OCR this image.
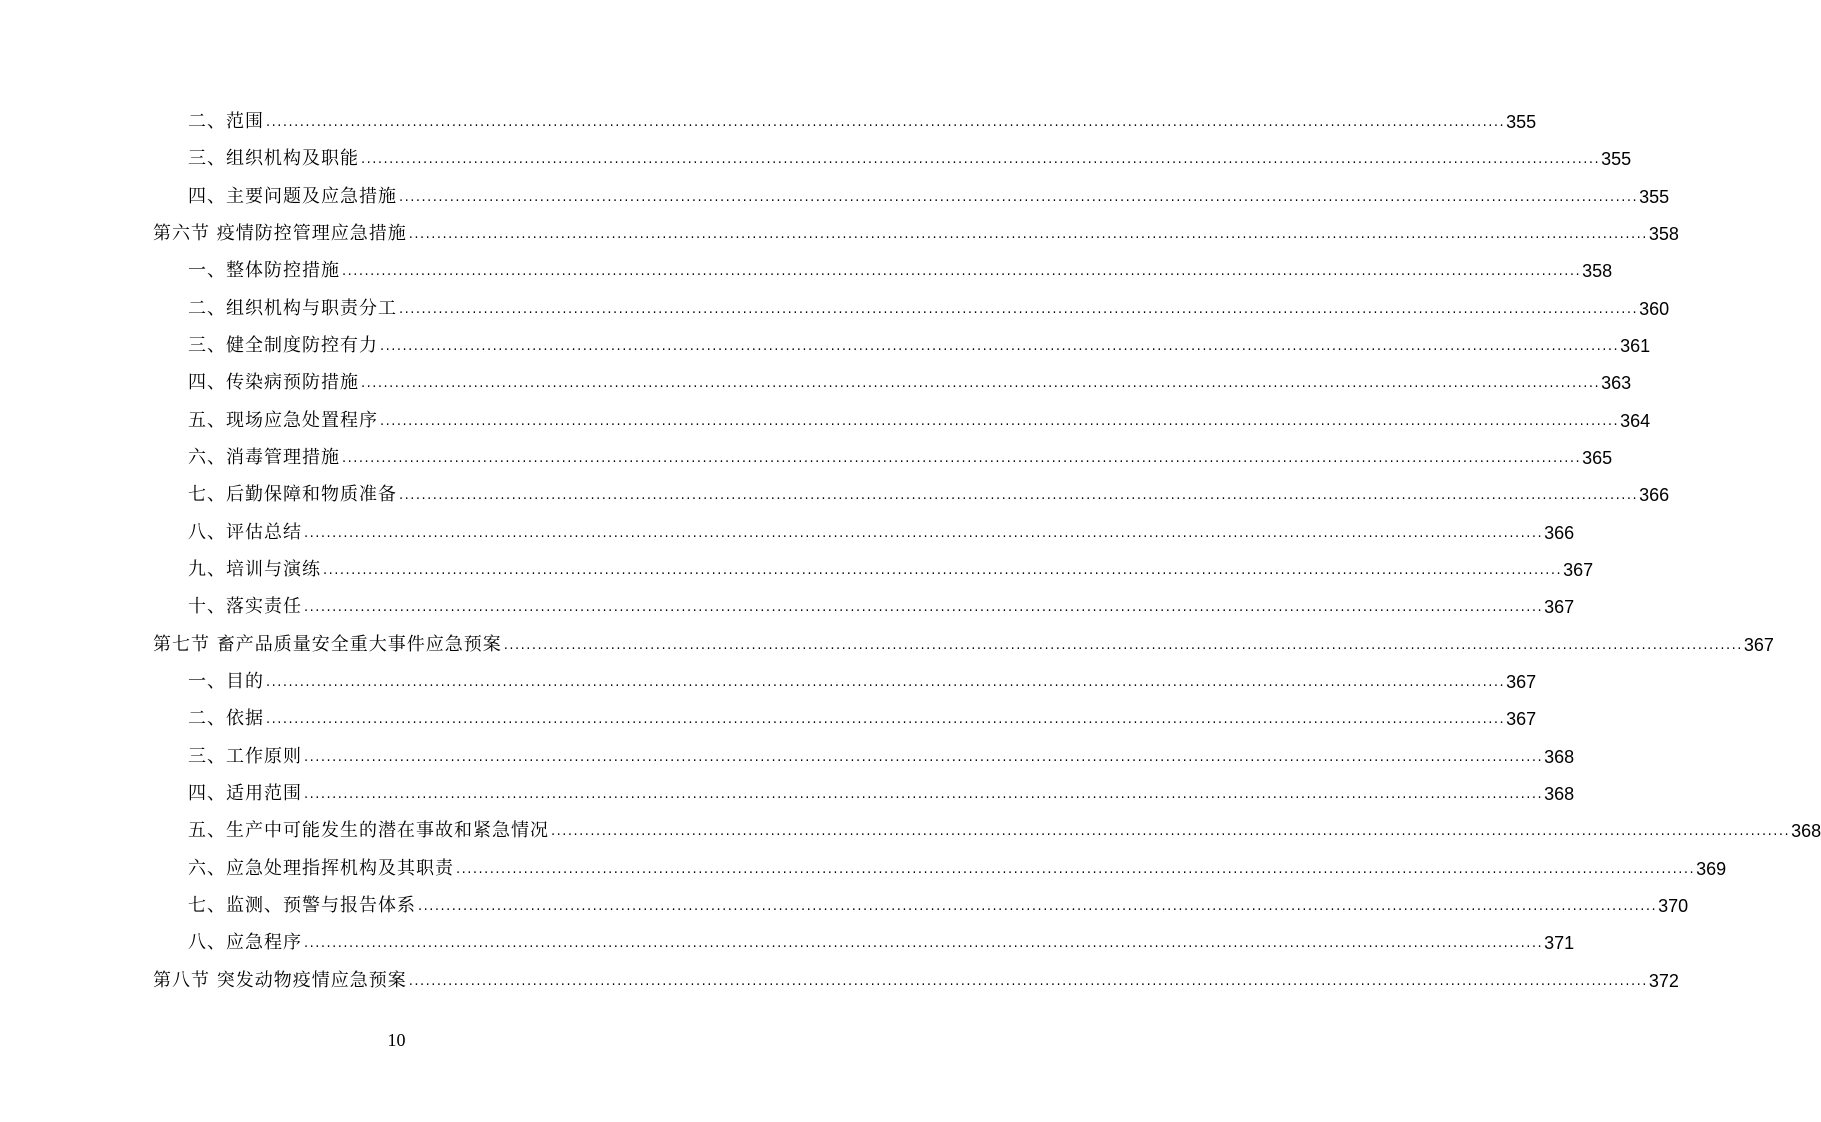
二、范围 ............................................................................................................................................................................................................................ 355
三、组织机构及职能 ............................................................................................................................................................................................................................ 355
四、主要问题及应急措施 ............................................................................................................................................................................................................................ 355
第六节 疫情防控管理应急措施 ............................................................................................................................................................................................................................ 358
一、整体防控措施 ............................................................................................................................................................................................................................ 358
二、组织机构与职责分工 ............................................................................................................................................................................................................................ 360
三、健全制度防控有力 ............................................................................................................................................................................................................................ 361
四、传染病预防措施 ............................................................................................................................................................................................................................ 363
五、现场应急处置程序 ............................................................................................................................................................................................................................ 364
六、消毒管理措施 ............................................................................................................................................................................................................................ 365
七、后勤保障和物质准备 ............................................................................................................................................................................................................................ 366
八、评估总结 ............................................................................................................................................................................................................................ 366
九、培训与演练 ............................................................................................................................................................................................................................ 367
十、落实责任 ............................................................................................................................................................................................................................ 367
第七节 畜产品质量安全重大事件应急预案 ............................................................................................................................................................................................................................ 367
一、目的 ............................................................................................................................................................................................................................ 367
二、依据 ............................................................................................................................................................................................................................ 367
三、工作原则 ............................................................................................................................................................................................................................ 368
四、适用范围 ............................................................................................................................................................................................................................ 368
五、生产中可能发生的潜在事故和紧急情况 ............................................................................................................................................................................................................................ 368
六、应急处理指挥机构及其职责 ............................................................................................................................................................................................................................ 369
七、监测、预警与报告体系 ............................................................................................................................................................................................................................ 370
八、应急程序 ............................................................................................................................................................................................................................ 371
第八节 突发动物疫情应急预案 ............................................................................................................................................................................................................................ 372
10
